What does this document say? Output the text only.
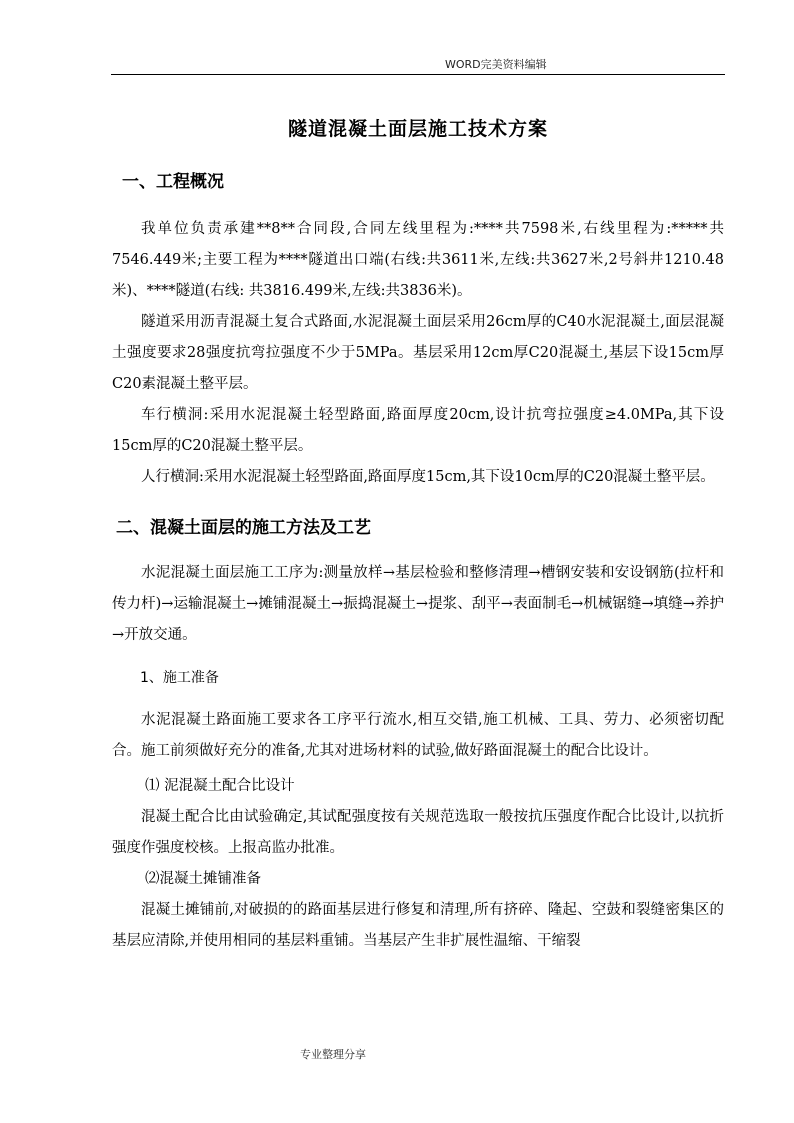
WORD完美资料编辑
隧道混凝土面层施工技术方案
一、工程概况

我单位负责承建**8**合同段,合同左线里程为:****共7598米,右线里程为:*****共7546.449米;主要工程为****隧道出口端(右线:共3611米,左线:共3627米,2号斜井1210.48米)、****隧道(右线: 共3816.499米,左线:共3836米)。

隧道采用沥青混凝土复合式路面,水泥混凝土面层采用26cm厚的C40水泥混凝土,面层混凝土强度要求28强度抗弯拉强度不少于5MPa。基层采用12cm厚C20混凝土,基层下设15cm厚C20素混凝土整平层。

车行横洞:采用水泥混凝土轻型路面,路面厚度20cm,设计抗弯拉强度≥4.0MPa,其下设15cm厚的C20混凝土整平层。

人行横洞:采用水泥混凝土轻型路面,路面厚度15cm,其下设10cm厚的C20混凝土整平层。

二、混凝土面层的施工方法及工艺

水泥混凝土面层施工工序为:测量放样→基层检验和整修清理→槽钢安装和安设钢筋(拉杆和传力杆)→运输混凝土→摊铺混凝土→振捣混凝土→提浆、刮平→表面制毛→机械锯缝→填缝→养护→开放交通。

1、施工准备

水泥混凝土路面施工要求各工序平行流水,相互交错,施工机械、工具、劳力、必须密切配合。施工前须做好充分的准备,尤其对进场材料的试验,做好路面混凝土的配合比设计。

⑴ 泥混凝土配合比设计

混凝土配合比由试验确定,其试配强度按有关规范选取一般按抗压强度作配合比设计,以抗折强度作强度校核。上报高监办批准。

⑵混凝土摊铺准备

混凝土摊铺前,对破损的的路面基层进行修复和清理,所有挤碎、隆起、空鼓和裂缝密集区的基层应清除,并使用相同的基层料重铺。当基层产生非扩展性温缩、干缩裂

专业整理分享
